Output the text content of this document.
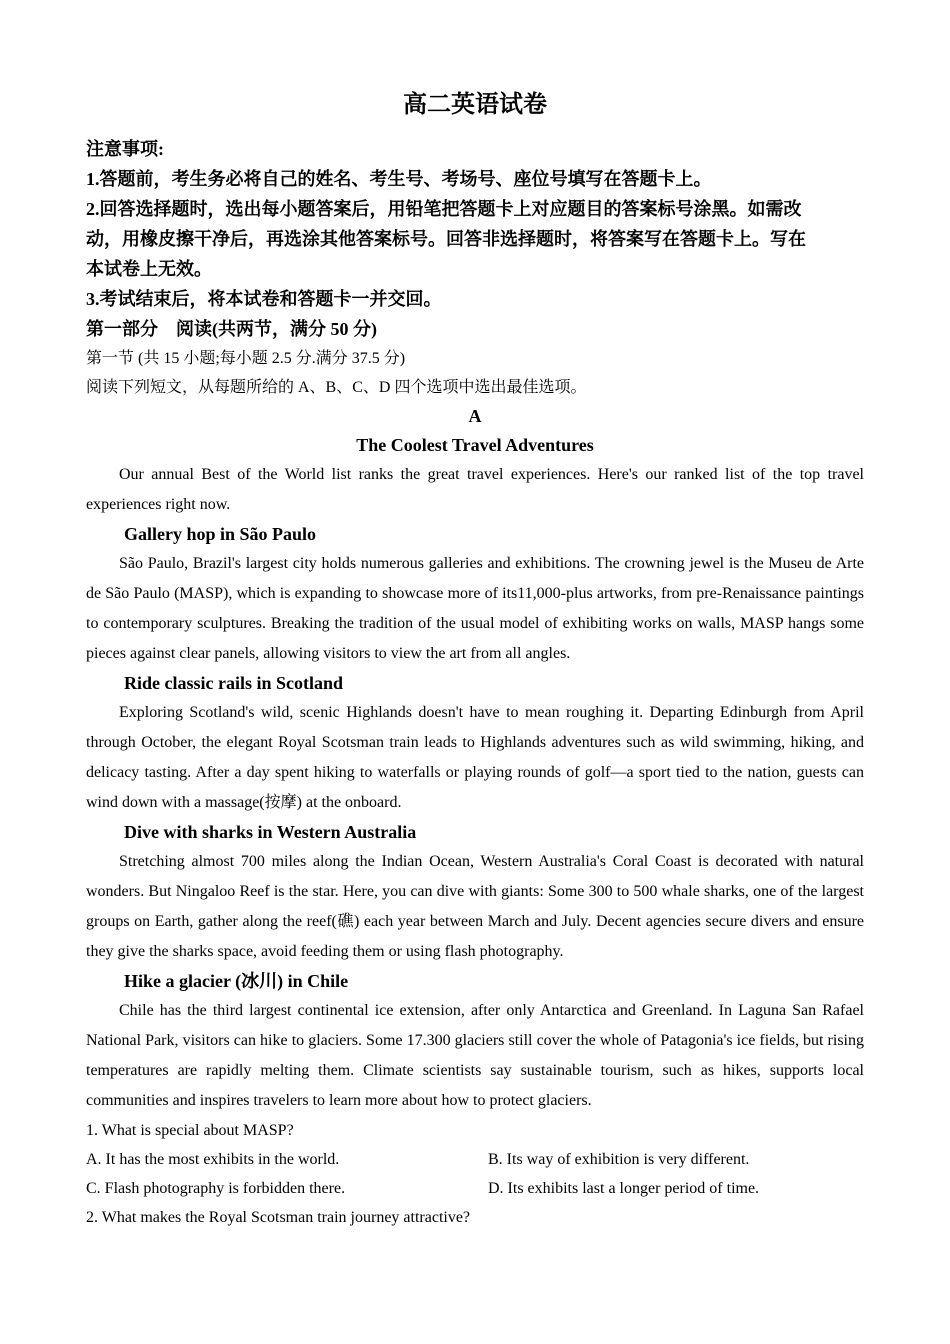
高二英语试卷

注意事项:

1.答题前，考生务必将自己的姓名、考生号、考场号、座位号填写在答题卡上。

2.回答选择题时，选出每小题答案后，用铅笔把答题卡上对应题目的答案标号涂黑。如需改

动，用橡皮擦干净后，再选涂其他答案标号。回答非选择题时，将答案写在答题卡上。写在

本试卷上无效。

3.考试结束后，将本试卷和答题卡一并交回。

第一部分　阅读(共两节，满分 50 分)

第一节 (共 15 小题;每小题 2.5 分.满分 37.5 分)

阅读下列短文，从每题所给的 A、B、C、D 四个选项中选出最佳选项。

A

The Coolest Travel Adventures

Our annual Best of the World list ranks the great travel experiences. Here's our ranked list of the top travel experiences right now.

Gallery hop in São Paulo

São Paulo, Brazil's largest city holds numerous galleries and exhibitions. The crowning jewel is the Museu de Arte de São Paulo (MASP), which is expanding to showcase more of its11,000-plus artworks, from pre-Renaissance paintings to contemporary sculptures. Breaking the tradition of the usual model of exhibiting works on walls, MASP hangs some pieces against clear panels, allowing visitors to view the art from all angles.

Ride classic rails in Scotland

Exploring Scotland's wild, scenic Highlands doesn't have to mean roughing it. Departing Edinburgh from April through October, the elegant Royal Scotsman train leads to Highlands adventures such as wild swimming, hiking, and delicacy tasting. After a day spent hiking to waterfalls or playing rounds of golf—a sport tied to the nation, guests can wind down with a massage(按摩) at the onboard.

Dive with sharks in Western Australia

Stretching almost 700 miles along the Indian Ocean, Western Australia's Coral Coast is decorated with natural wonders. But Ningaloo Reef is the star. Here, you can dive with giants: Some 300 to 500 whale sharks, one of the largest groups on Earth, gather along the reef(礁) each year between March and July. Decent agencies secure divers and ensure they give the sharks space, avoid feeding them or using flash photography.

Hike a glacier (冰川) in Chile

Chile has the third largest continental ice extension, after only Antarctica and Greenland. In Laguna San Rafael National Park, visitors can hike to glaciers. Some 17.300 glaciers still cover the whole of Patagonia's ice fields, but rising temperatures are rapidly melting them. Climate scientists say sustainable tourism, such as hikes, supports local communities and inspires travelers to learn more about how to protect glaciers.

1. What is special about MASP?

A. It has the most exhibits in the world.	B. Its way of exhibition is very different.
C. Flash photography is forbidden there.	D. Its exhibits last a longer period of time.

2. What makes the Royal Scotsman train journey attractive?
